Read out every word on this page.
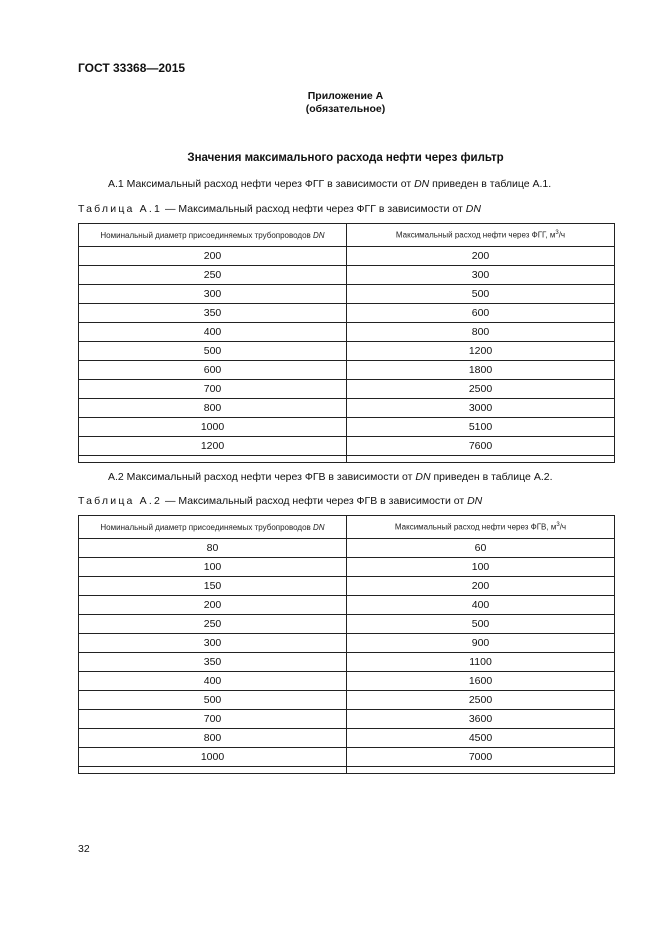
ГОСТ 33368—2015
Приложение А
(обязательное)
Значения максимального расхода нефти через фильтр
А.1 Максимальный расход нефти через ФГГ в зависимости от DN приведен в таблице А.1.
Таблица А.1 — Максимальный расход нефти через ФГГ в зависимости от DN
Номинальный диаметр присоединяемых трубопроводов DN	Максимальный расход нефти через ФГГ, $м^3/ч$
200	200
250	300
300	500
350	600
400	800
500	1200
600	1800
700	2500
800	3000
1000	5100
1200	7600

А.2 Максимальный расход нефти через ФГВ в зависимости от DN приведен в таблице А.2.
Таблица А.2 — Максимальный расход нефти через ФГВ в зависимости от DN
Номинальный диаметр присоединяемых трубопроводов DN	Максимальный расход нефти через ФГВ, $м^3/ч$
80	60
100	100
150	200
200	400
250	500
300	900
350	1100
400	1600
500	2500
700	3600
800	4500
1000	7000

32
